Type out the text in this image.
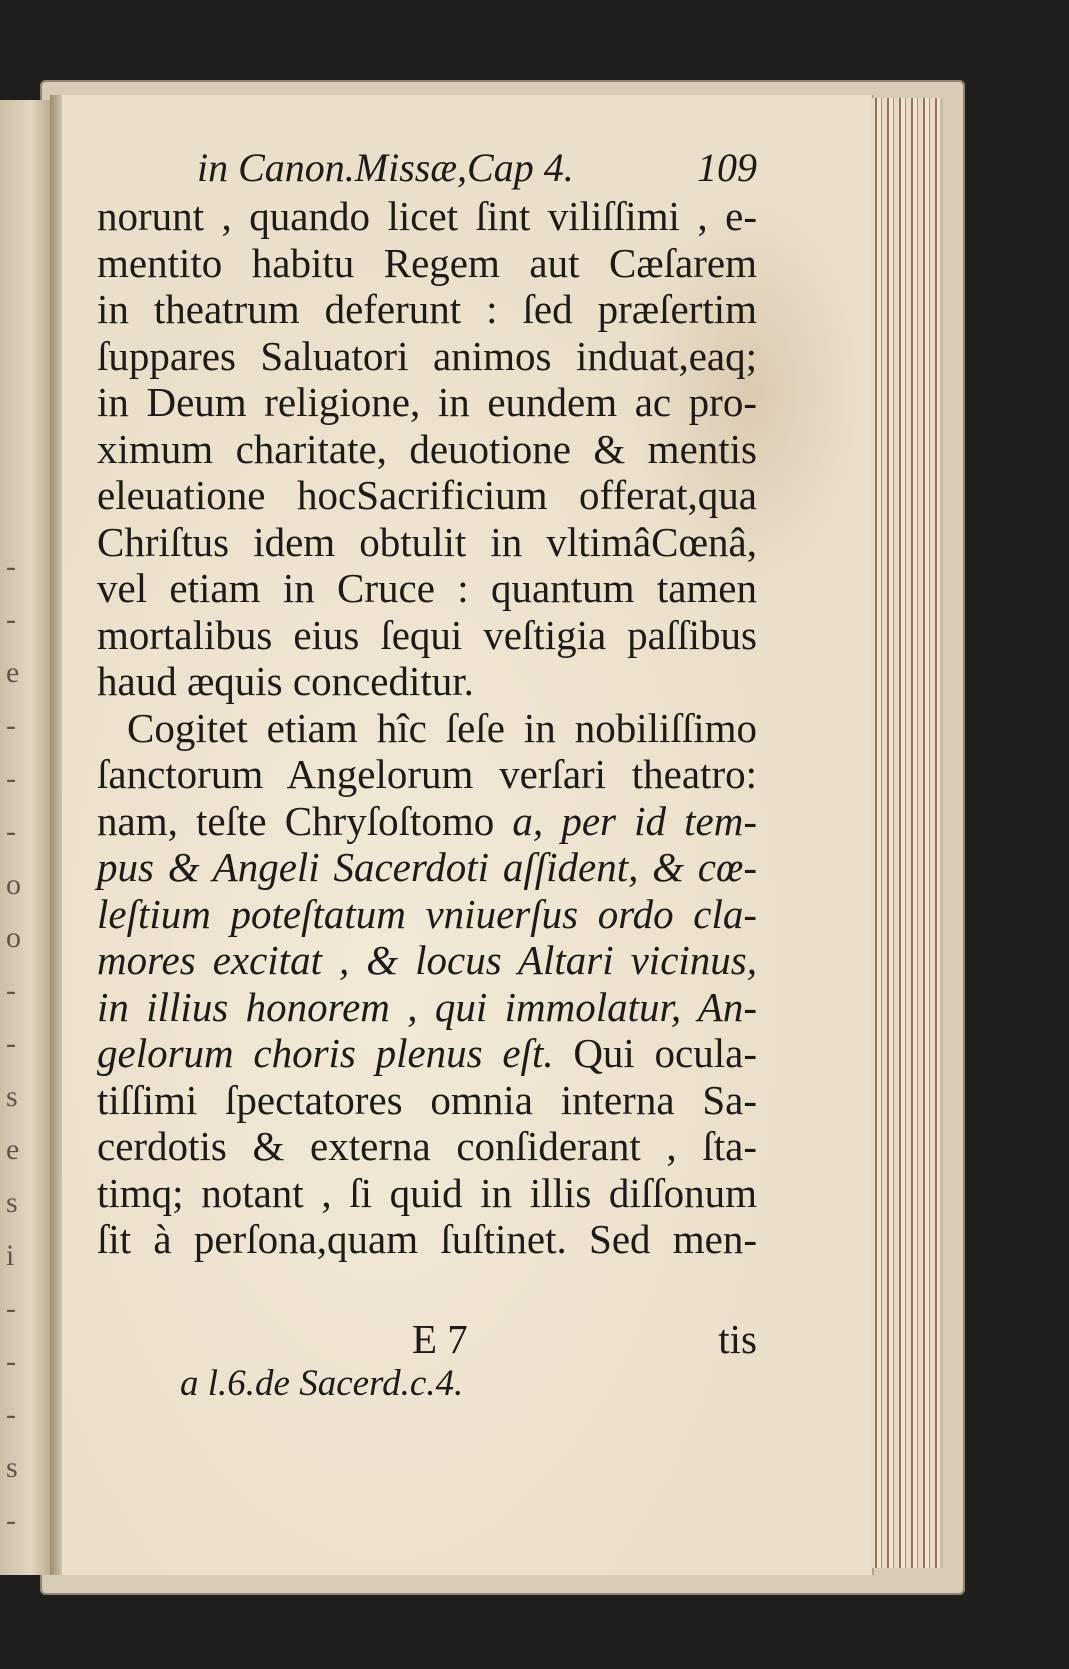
-
-
e
-
-
-
o
o
-
-
s
e
s
i
-
-
-
s
-
in Canon.Missæ,Cap 4.	109
norunt , quando licet ſint viliſſimi , e-
mentito habitu Regem aut Cæſarem
in theatrum deferunt : ſed præſertim
ſuppares Saluatori animos induat,eaq;
in Deum religione, in eundem ac pro-
ximum charitate, deuotione & mentis
eleuatione hocSacrificium offerat,qua
Chriſtus idem obtulit in vltimâCœnâ,
vel etiam in Cruce : quantum tamen
mortalibus eius ſequi veſtigia paſſibus
haud æquis conceditur.
Cogitet etiam hîc ſeſe in nobiliſſimo
ſanctorum Angelorum verſari theatro:
nam, teſte Chryſoſtomo a, per id tem-
pus & Angeli Sacerdoti aſſident, & cœ-
leſtium poteſtatum vniuerſus ordo cla-
mores excitat , & locus Altari vicinus,
in illius honorem , qui immolatur, An-
gelorum choris plenus eſt. Qui ocula-
tiſſimi ſpectatores omnia interna Sa-
cerdotis & externa conſiderant , ſta-
timq; notant , ſi quid in illis diſſonum
ſit à perſona,quam ſuſtinet. Sed men-
E 7	tis
a l.6.de Sacerd.c.4.
